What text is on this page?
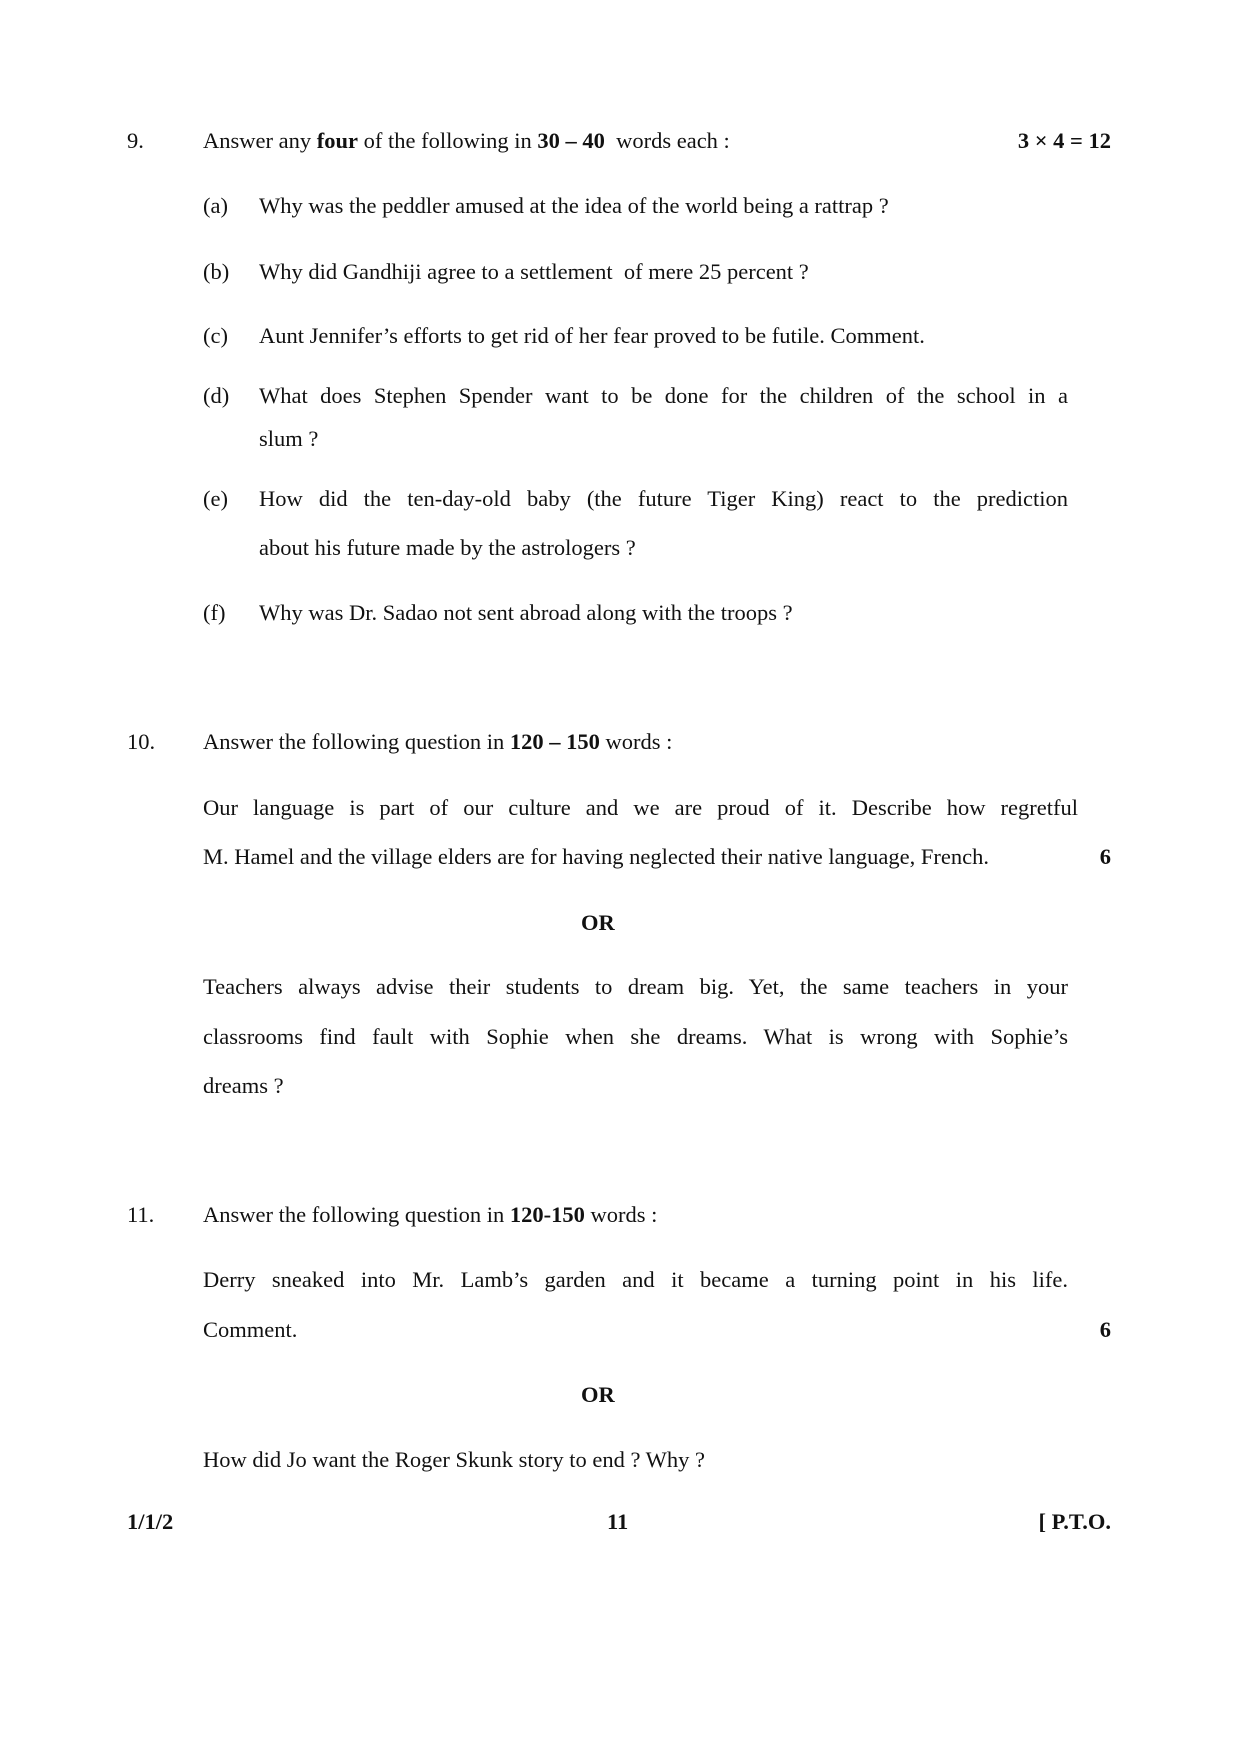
9.	Answer any four of the following in 30 – 40  words each :	3 × 4 = 12
(a) Why was the peddler amused at the idea of the world being a rattrap ?
(b) Why did Gandhiji agree to a settlement  of mere 25 percent ?
(c) Aunt Jennifer’s efforts to get rid of her fear proved to be futile. Comment.
(d) What does Stephen Spender want to be done for the children of the school in a
slum ?
(e) How did the ten-day-old baby (the future Tiger King) react to the prediction
about his future made by the astrologers ?
(f) Why was Dr. Sadao not sent abroad along with the troops ?
10. Answer the following question in 120 – 150 words :
Our language is part of our culture and we are proud of it. Describe how regretful
M. Hamel and the village elders are for having neglected their native language, French.	6
OR
Teachers always advise their students to dream big. Yet, the same teachers in your
classrooms find fault with Sophie when she dreams. What is wrong with Sophie’s
dreams ?
11. Answer the following question in 120-150 words :
Derry sneaked into Mr. Lamb’s garden and it became a turning point in his life.
Comment.	6
OR
How did Jo want the Roger Skunk story to end ? Why ?
1/1/2	11	[ P.T.O.
